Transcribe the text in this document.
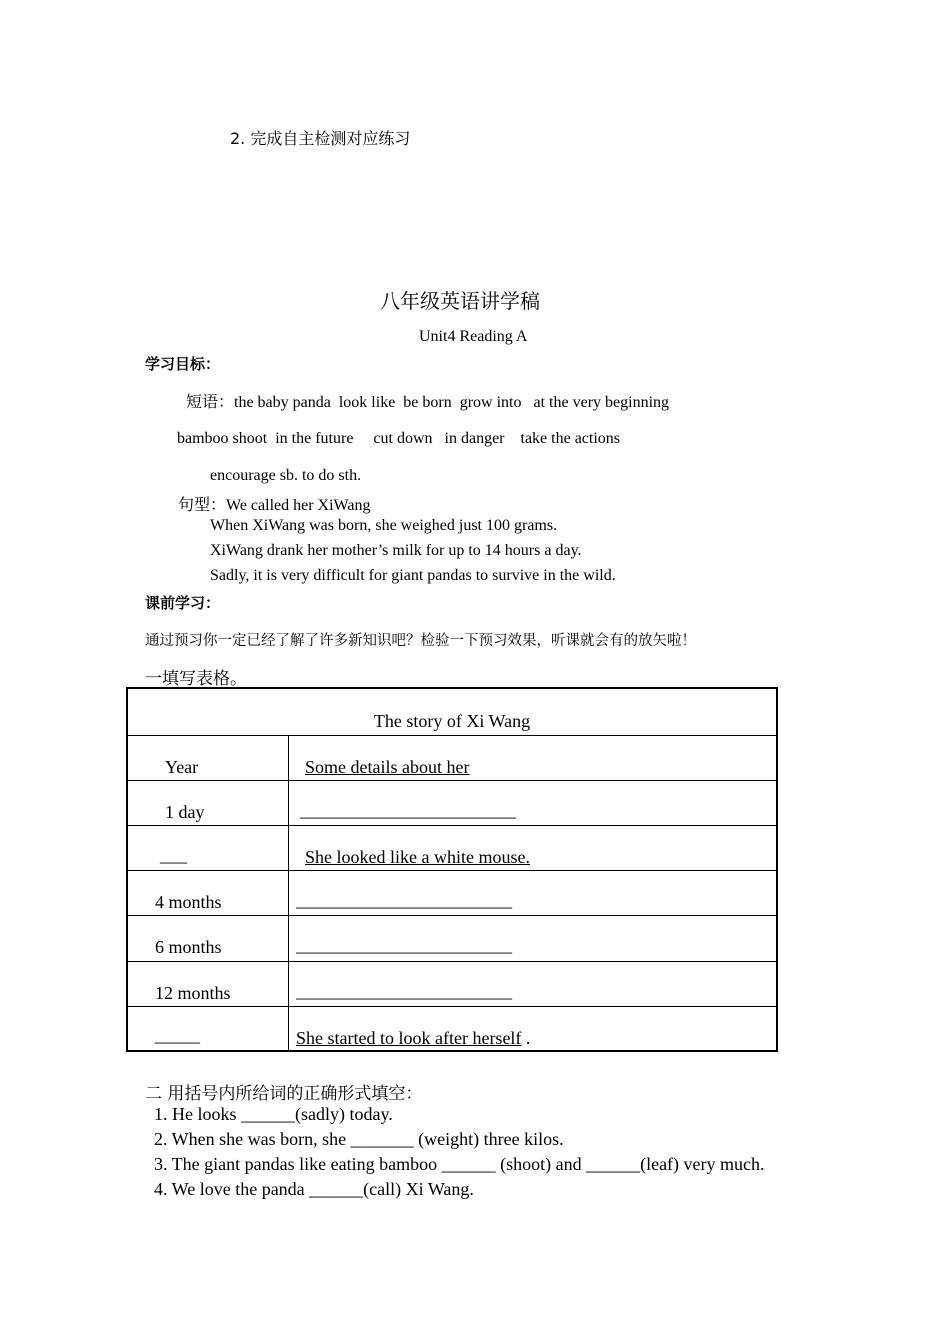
2. 完成自主检测对应练习
八年级英语讲学稿
Unit4 Reading A
学习目标：
短语：the baby panda  look like  be born  grow into   at the very beginning
bamboo shoot  in the future     cut down   in danger    take the actions
encourage sb. to do sth.
句型：We called her XiWang
When XiWang was born, she weighed just 100 grams.
XiWang drank her mother’s milk for up to 14 hours a day.
Sadly, it is very difficult for giant pandas to survive in the wild.
课前学习：
通过预习你一定已经了解了许多新知识吧？检验一下预习效果，听课就会有的放矢啦！
一填写表格。
The story of Xi Wang
Year	Some details about her
1 day	________________________
___	She looked like a white mouse.
4 months	________________________
6 months	________________________
12 months	________________________
_____	She started to look after herself .
二 用括号内所给词的正确形式填空：
1. He looks ______(sadly) today.
2. When she was born, she _______ (weight) three kilos.
3. The giant pandas like eating bamboo ______ (shoot) and ______(leaf) very much.
4. We love the panda ______(call) Xi Wang.
